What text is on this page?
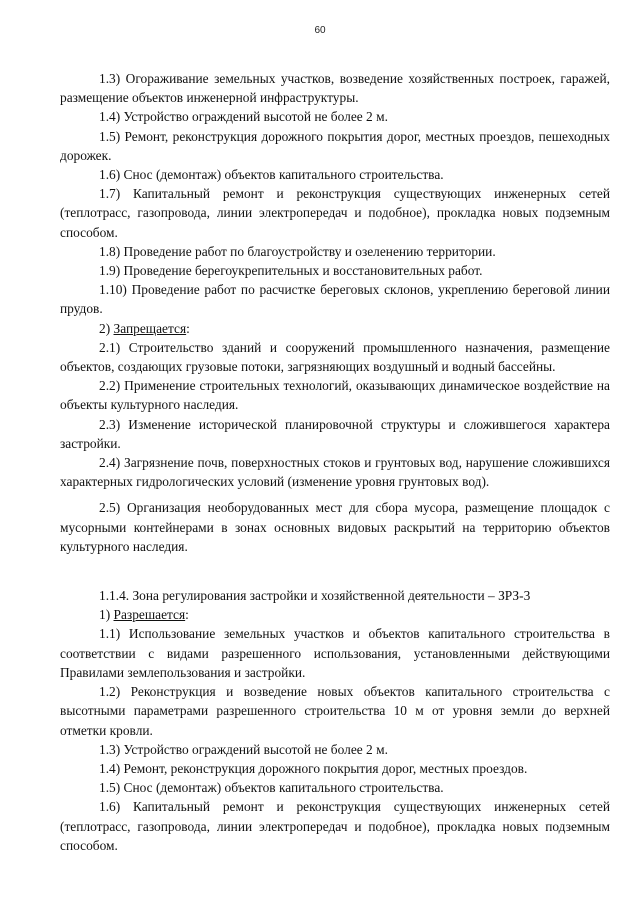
60

1.3) Огораживание земельных участков, возведение хозяйственных построек, гаражей, размещение объектов инженерной инфраструктуры.

1.4) Устройство ограждений высотой не более 2 м.

1.5) Ремонт, реконструкция дорожного покрытия дорог, местных проездов, пешеходных дорожек.

1.6) Снос (демонтаж) объектов капитального строительства.

1.7) Капитальный ремонт и реконструкция существующих инженерных сетей (теплотрасс, газопровода, линии электропередач и подобное), прокладка новых подземным способом.

1.8) Проведение работ по благоустройству и озеленению территории.

1.9) Проведение берегоукрепительных и восстановительных работ.

1.10) Проведение работ по расчистке береговых склонов, укреплению береговой линии прудов.

2) Запрещается:

2.1) Строительство зданий и сооружений промышленного назначения, размещение объектов, создающих грузовые потоки, загрязняющих воздушный и водный бассейны.

2.2) Применение строительных технологий, оказывающих динамическое воздействие на объекты культурного наследия.

2.3) Изменение исторической планировочной структуры и сложившегося характера застройки.

2.4) Загрязнение почв, поверхностных стоков и грунтовых вод, нарушение сложившихся характерных гидрологических условий (изменение уровня грунтовых вод).

2.5) Организация необорудованных мест для сбора мусора, размещение площадок с мусорными контейнерами в зонах основных видовых раскрытий на территорию объектов культурного наследия.

1.1.4. Зона регулирования застройки и хозяйственной деятельности – ЗРЗ-3

1) Разрешается:

1.1) Использование земельных участков и объектов капитального строительства в соответствии с видами разрешенного использования, установленными действующими Правилами землепользования и застройки.

1.2) Реконструкция и возведение новых объектов капитального строительства с высотными параметрами разрешенного строительства 10 м от уровня земли до верхней отметки кровли.

1.3) Устройство ограждений высотой не более 2 м.

1.4) Ремонт, реконструкция дорожного покрытия дорог, местных проездов.

1.5) Снос (демонтаж) объектов капитального строительства.

1.6) Капитальный ремонт и реконструкция существующих инженерных сетей (теплотрасс, газопровода, линии электропередач и подобное), прокладка новых подземным способом.
